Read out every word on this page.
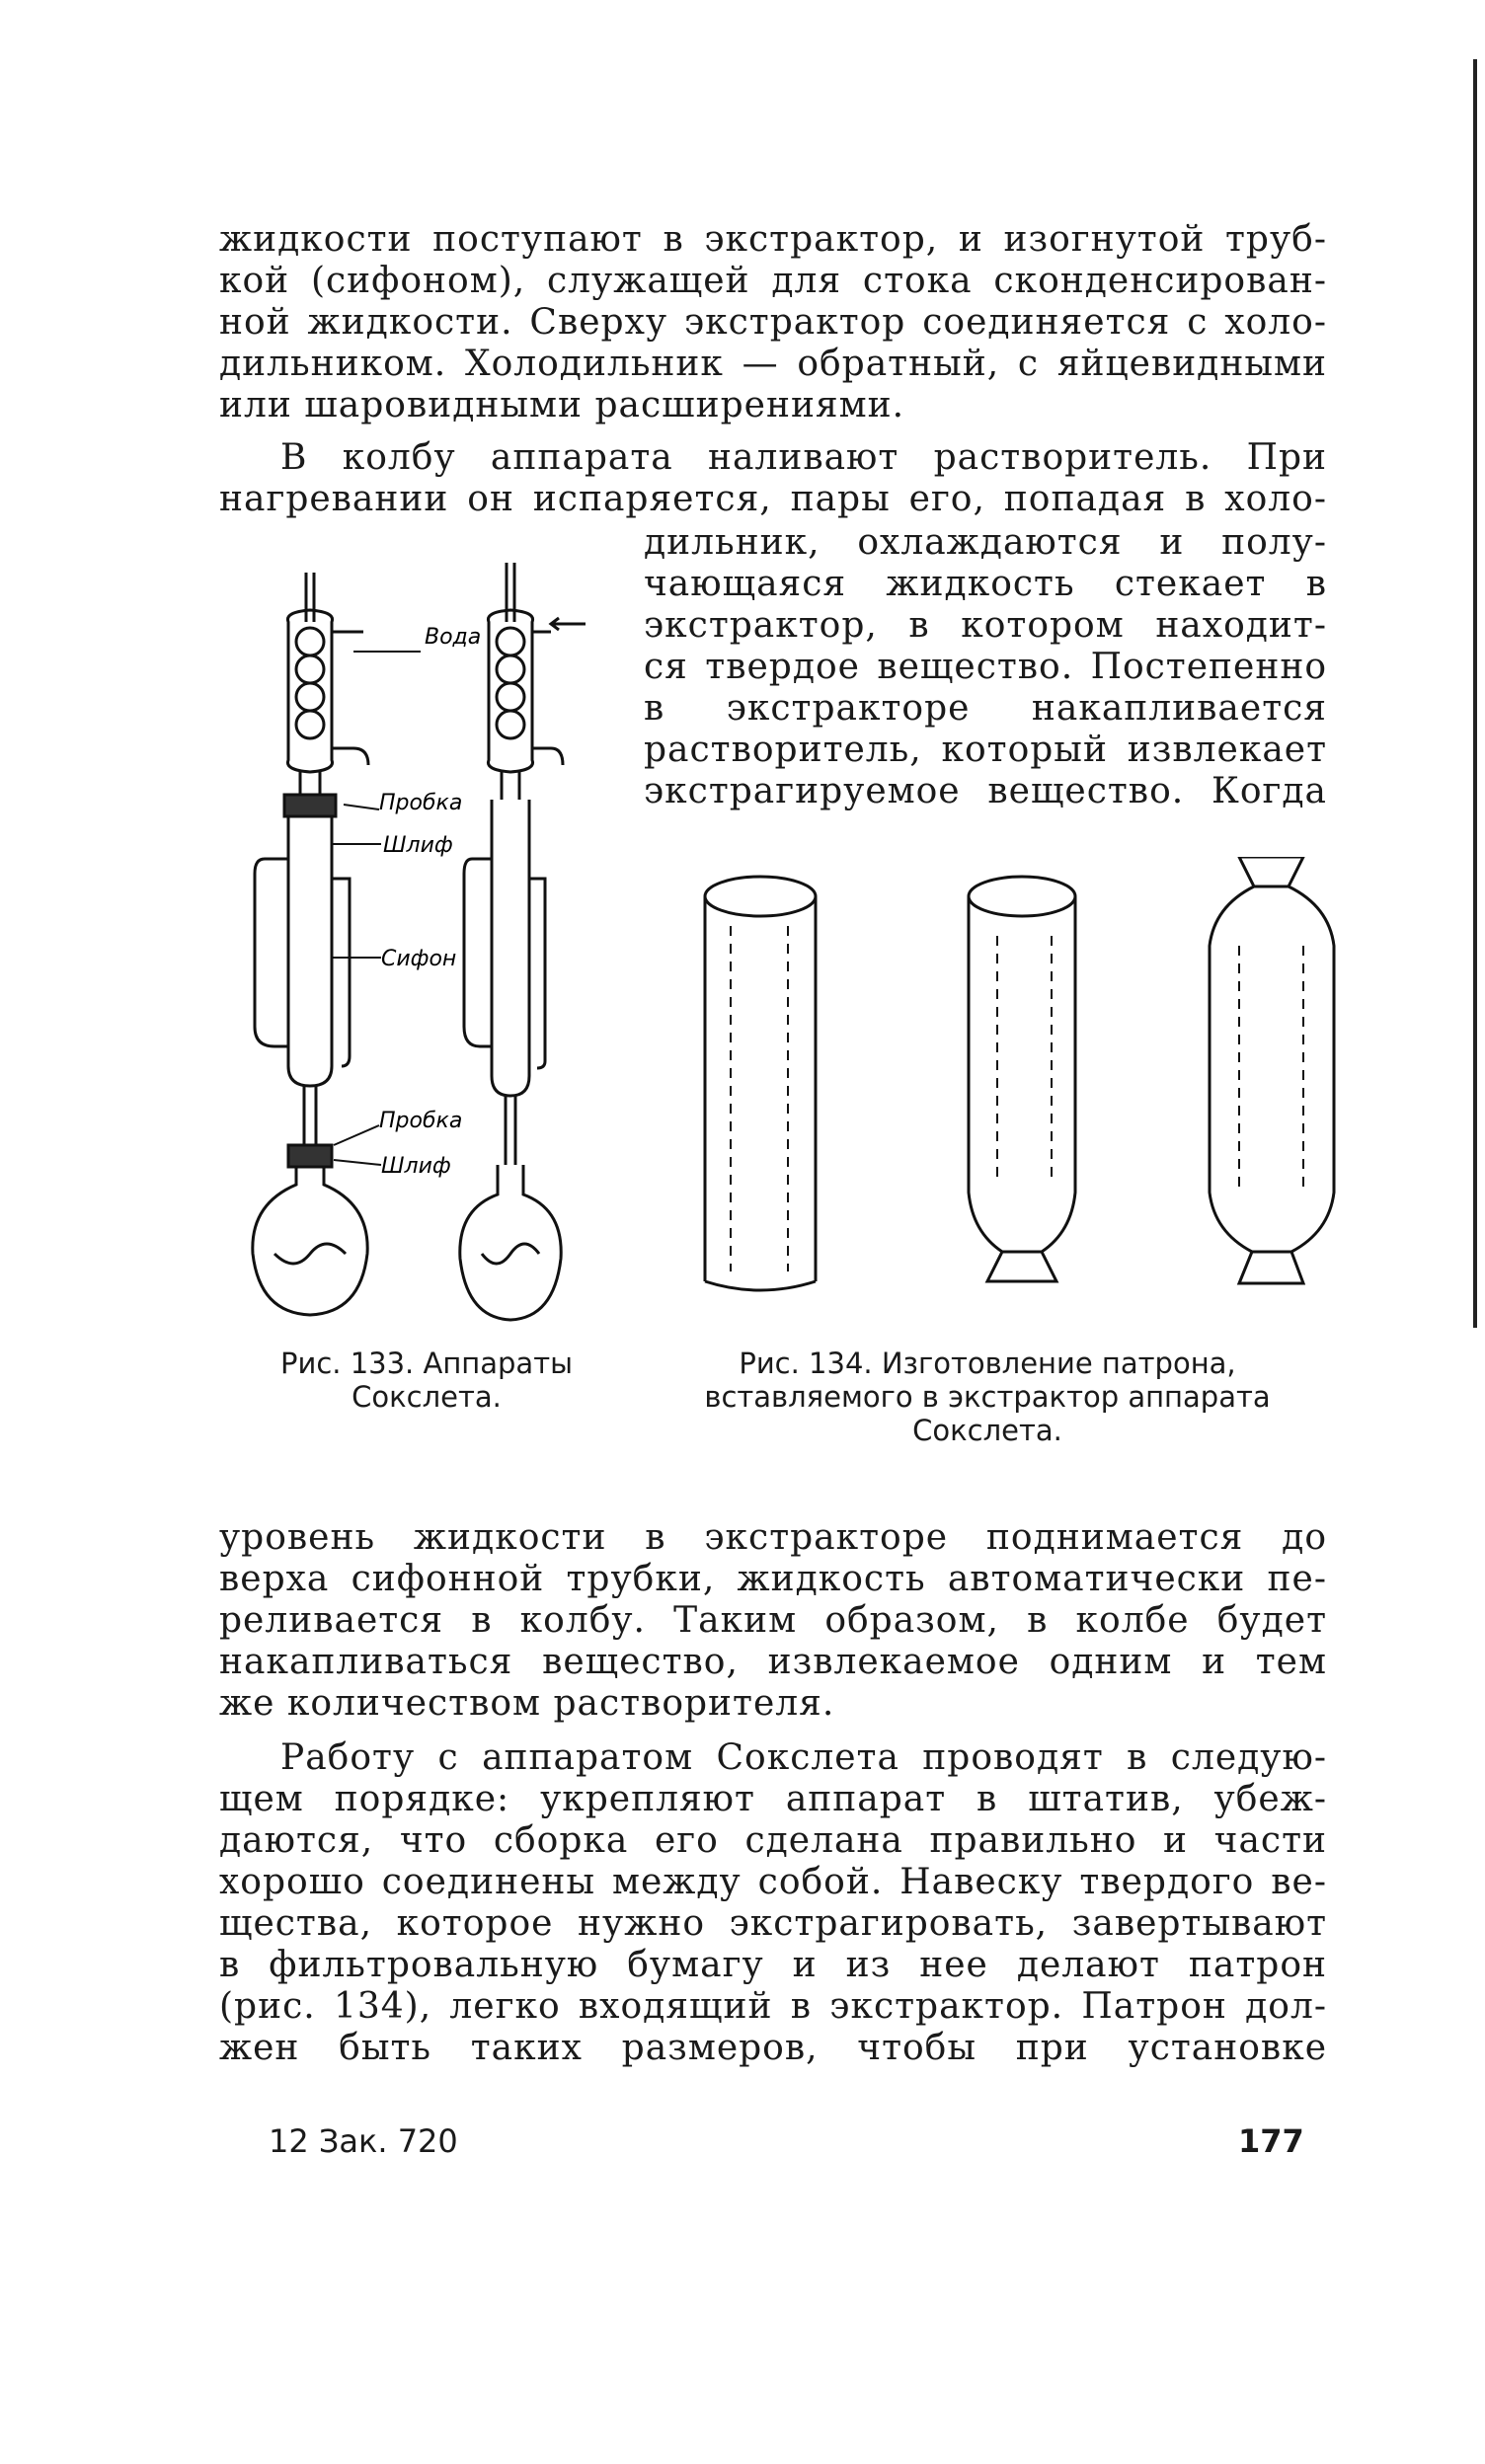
жидкости поступают в экстрактор, и изогнутой труб-
кой (сифоном), служащей для стока сконденсирован-
ной жидкости. Сверху экстрактор соединяется с холо-
дильником. Холодильник — обратный, с яйцевидными
или шаровидными расширениями.
В колбу аппарата наливают растворитель. При
нагревании он испаряется, пары его, попадая в холо-
дильник, охлаждаются и полу-
чающаяся жидкость стекает в
экстрактор, в котором находит-
ся твердое вещество. Постепенно
в экстракторе накапливается
растворитель, который извлекает
экстрагируемое вещество. Когда
Вода
Пробка
Шлиф
Сифон
Пробка
Шлиф
Рис. 133. Аппараты Сокслета.
Рис. 134. Изготовление патрона, вставляемого в экстрактор аппарата Сокслета.
уровень жидкости в экстракторе поднимается до
верха сифонной трубки, жидкость автоматически пе-
реливается в колбу. Таким образом, в колбе будет
накапливаться вещество, извлекаемое одним и тем
же количеством растворителя.
Работу с аппаратом Сокслета проводят в следую-
щем порядке: укрепляют аппарат в штатив, убеж-
даются, что сборка его сделана правильно и части
хорошо соединены между собой. Навеску твердого ве-
щества, которое нужно экстрагировать, завертывают
в фильтровальную бумагу и из нее делают патрон
(рис. 134), легко входящий в экстрактор. Патрон дол-
жен быть таких размеров, чтобы при установке
12 Зак. 720	177
